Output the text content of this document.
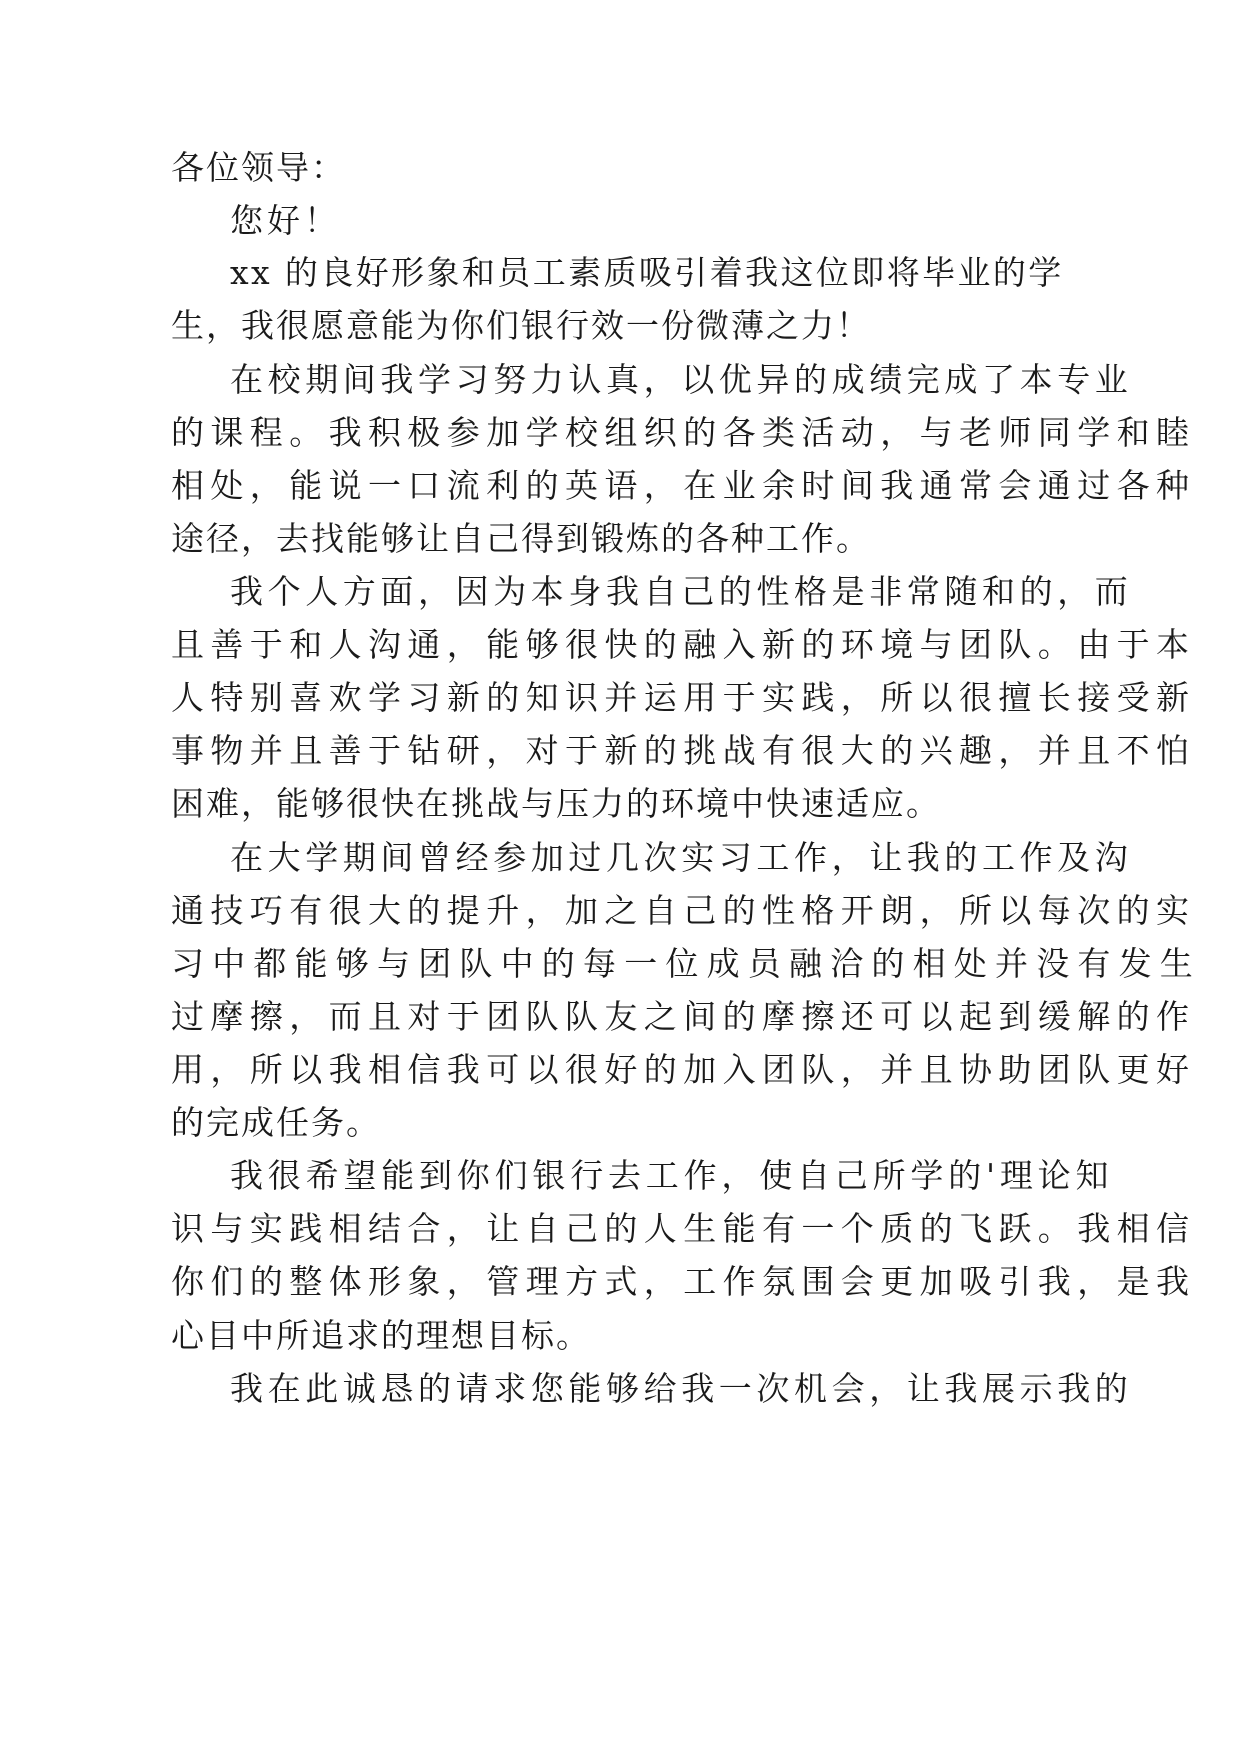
各位领导：
您好！
xx 的良好形象和员工素质吸引着我这位即将毕业的学
生，我很愿意能为你们银行效一份微薄之力！
在校期间我学习努力认真，以优异的成绩完成了本专业
的课程。我积极参加学校组织的各类活动，与老师同学和睦
相处，能说一口流利的英语，在业余时间我通常会通过各种
途径，去找能够让自己得到锻炼的各种工作。
我个人方面，因为本身我自己的性格是非常随和的，而
且善于和人沟通，能够很快的融入新的环境与团队。由于本
人特别喜欢学习新的知识并运用于实践，所以很擅长接受新
事物并且善于钻研，对于新的挑战有很大的兴趣，并且不怕
困难，能够很快在挑战与压力的环境中快速适应。
在大学期间曾经参加过几次实习工作，让我的工作及沟
通技巧有很大的提升，加之自己的性格开朗，所以每次的实
习中都能够与团队中的每一位成员融洽的相处并没有发生
过摩擦，而且对于团队队友之间的摩擦还可以起到缓解的作
用，所以我相信我可以很好的加入团队，并且协助团队更好
的完成任务。
我很希望能到你们银行去工作，使自己所学的'理论知
识与实践相结合，让自己的人生能有一个质的飞跃。我相信
你们的整体形象，管理方式，工作氛围会更加吸引我，是我
心目中所追求的理想目标。
我在此诚恳的请求您能够给我一次机会，让我展示我的
